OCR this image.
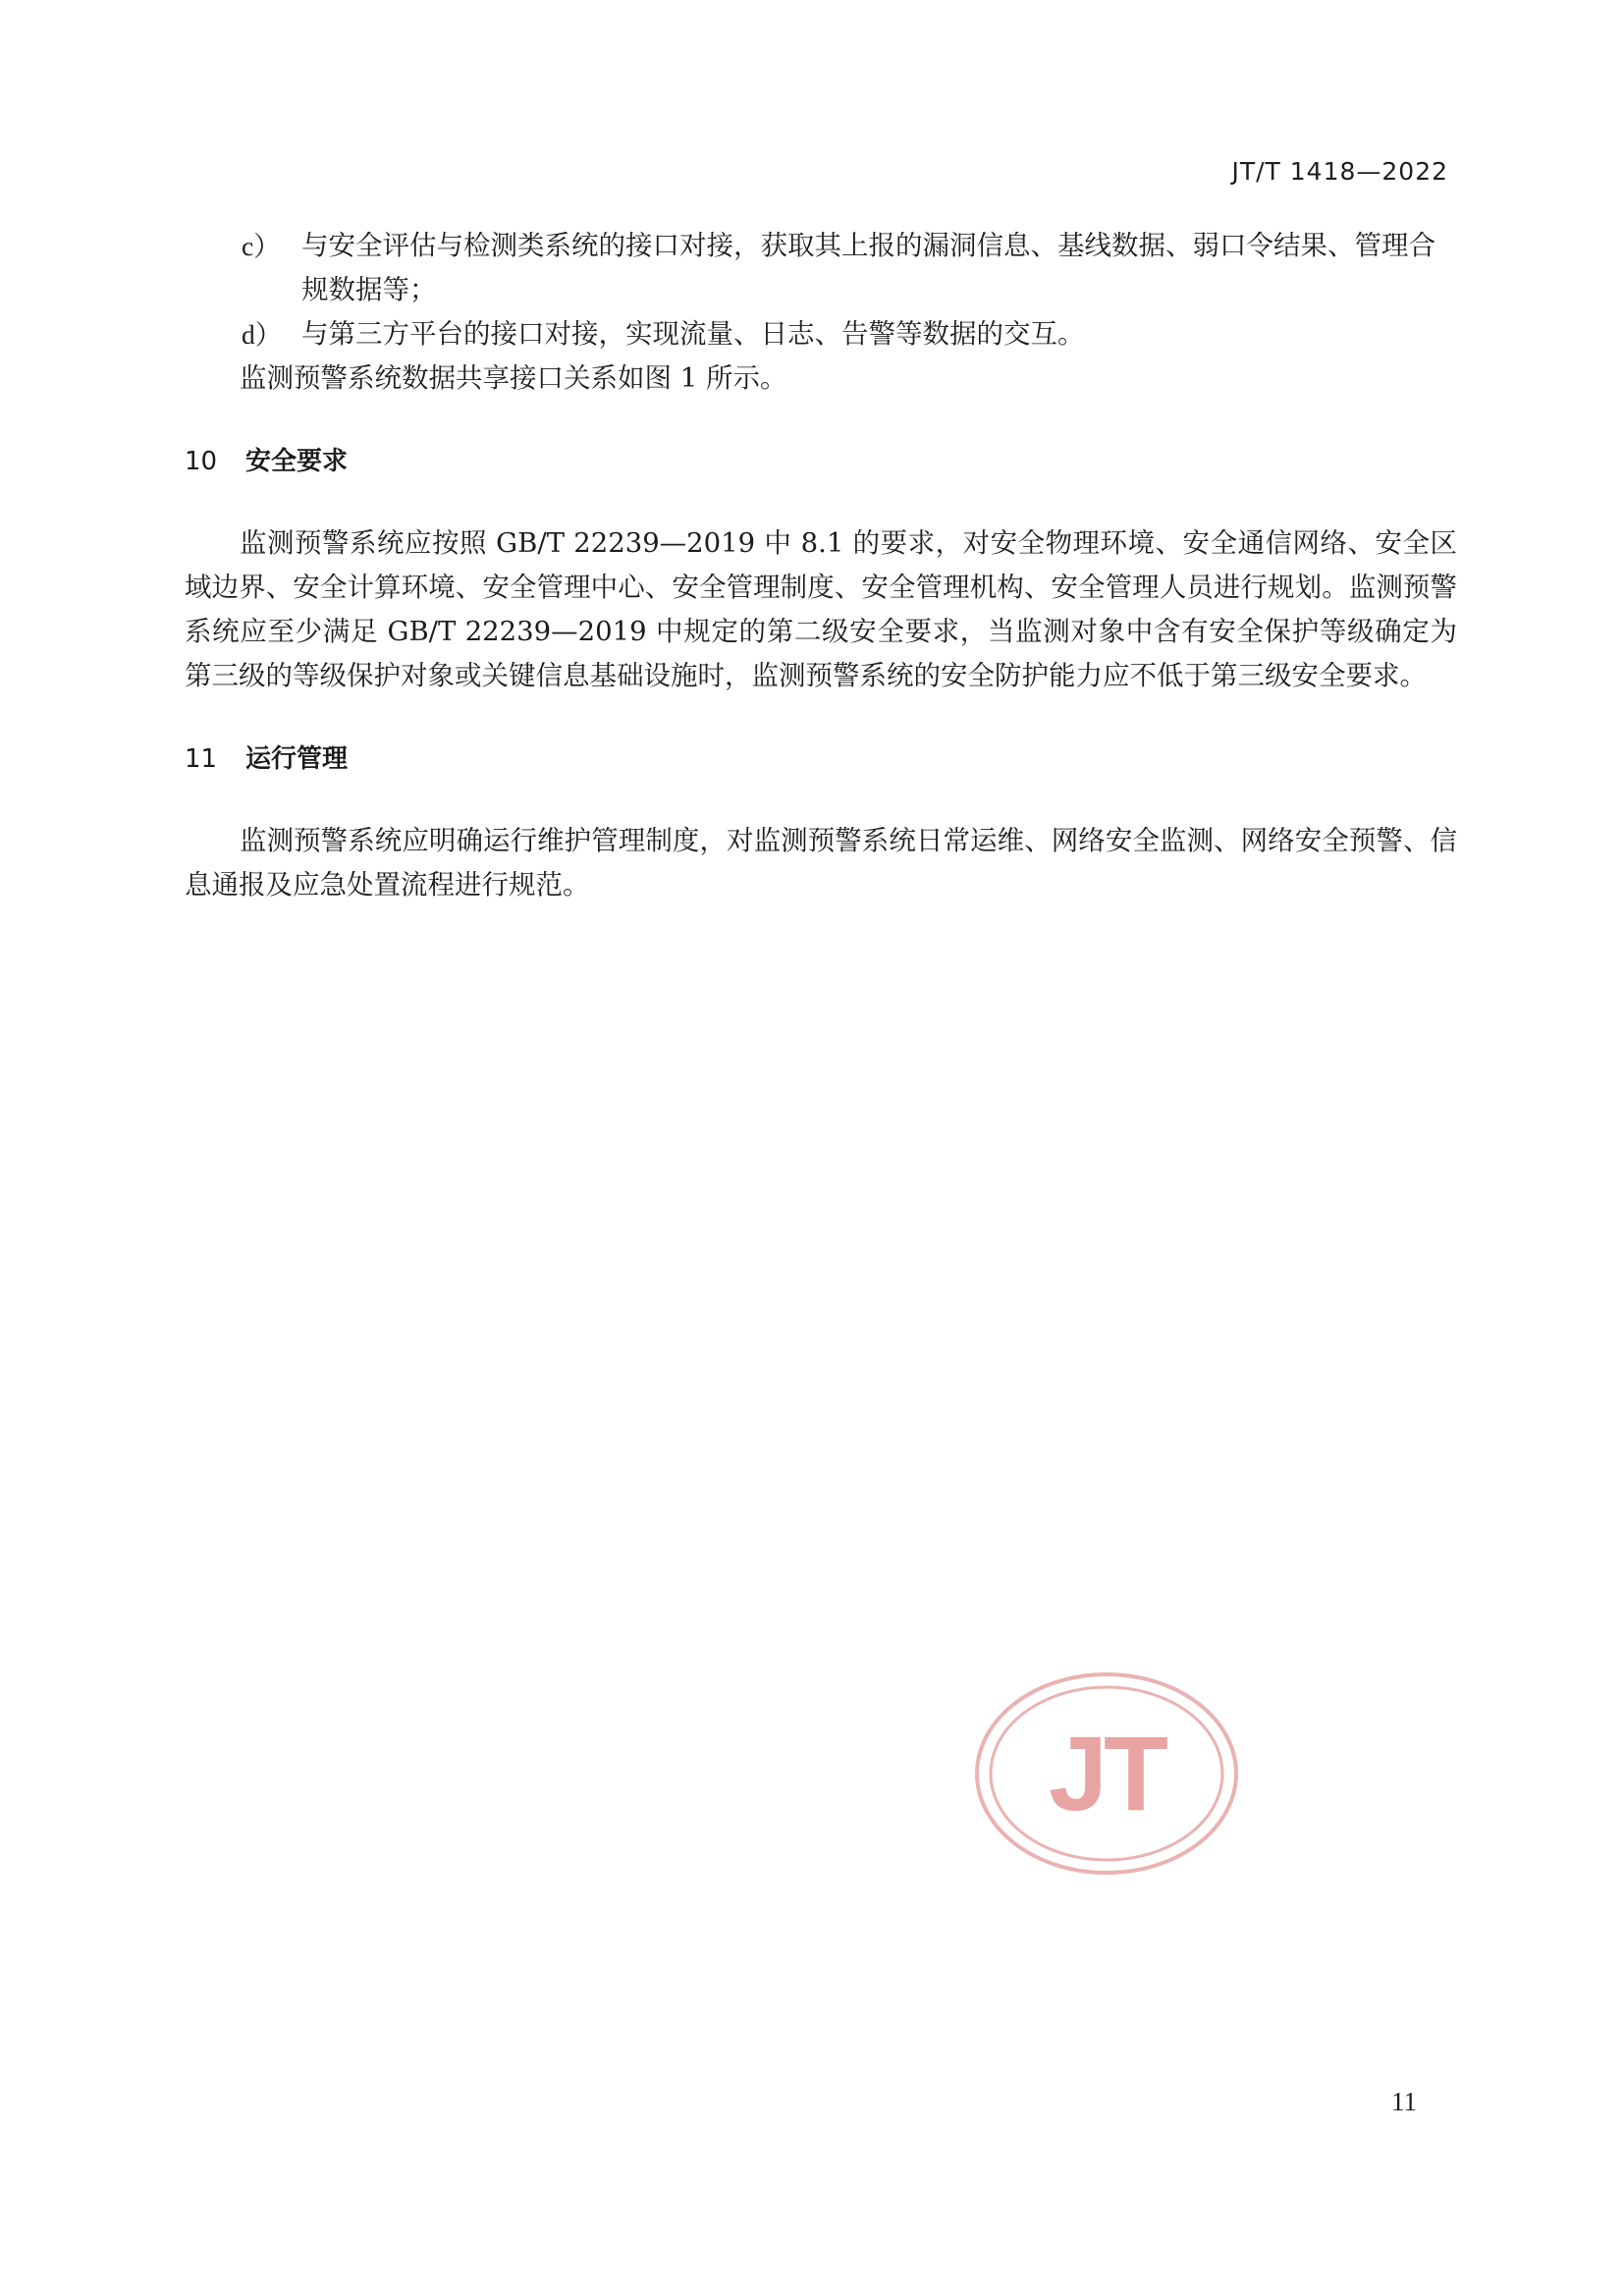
JT/T 1418—2022

c） 与安全评估与检测类系统的接口对接，获取其上报的漏洞信息、基线数据、弱口令结果、管理合规数据等；

d） 与第三方平台的接口对接，实现流量、日志、告警等数据的交互。

监测预警系统数据共享接口关系如图 1 所示。

10 安全要求

监测预警系统应按照 GB/T 22239—2019 中 8.1 的要求，对安全物理环境、安全通信网络、安全区域边界、安全计算环境、安全管理中心、安全管理制度、安全管理机构、安全管理人员进行规划。监测预警系统应至少满足 GB/T 22239—2019 中规定的第二级安全要求，当监测对象中含有安全保护等级确定为第三级的等级保护对象或关键信息基础设施时，监测预警系统的安全防护能力应不低于第三级安全要求。

11 运行管理

监测预警系统应明确运行维护管理制度，对监测预警系统日常运维、网络安全监测、网络安全预警、信息通报及应急处置流程进行规范。

JT
11
